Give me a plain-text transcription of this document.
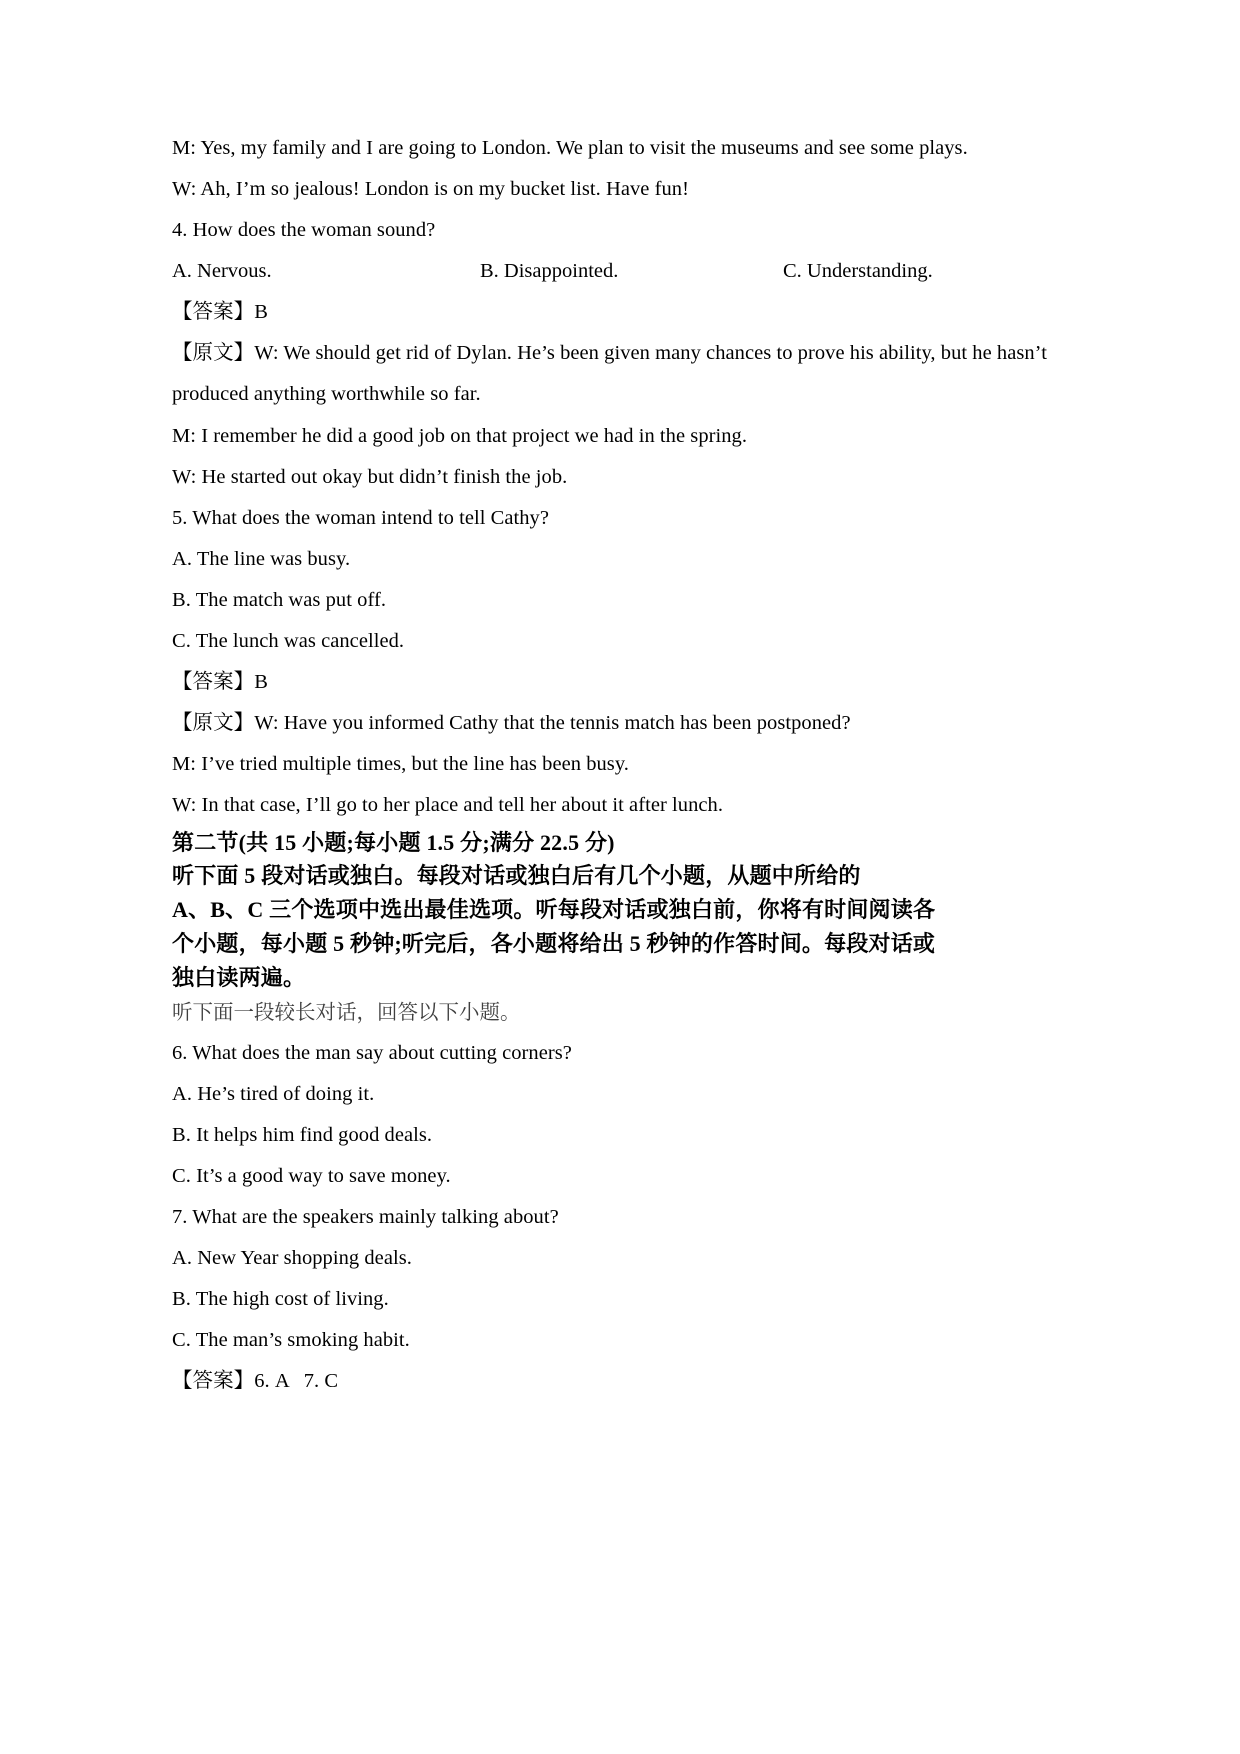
M: Yes, my family and I are going to London. We plan to visit the museums and see some plays.

W: Ah, I’m so jealous! London is on my bucket list. Have fun!

4. How does the woman sound?

A. Nervous.	B. Disappointed.	C. Understanding.

【答案】B

【原文】W: We should get rid of Dylan. He’s been given many chances to prove his ability, but he hasn’t produced anything worthwhile so far.

M: I remember he did a good job on that project we had in the spring.

W: He started out okay but didn’t finish the job.

5. What does the woman intend to tell Cathy?

A. The line was busy.

B. The match was put off.

C. The lunch was cancelled.

【答案】B

【原文】W: Have you informed Cathy that the tennis match has been postponed?

M: I’ve tried multiple times, but the line has been busy.

W: In that case, I’ll go to her place and tell her about it after lunch.

第二节(共 15 小题;每小题 1.5 分;满分 22.5 分)

听下面 5 段对话或独白。每段对话或独白后有几个小题，从题中所给的

A、B、C 三个选项中选出最佳选项。听每段对话或独白前，你将有时间阅读各

个小题，每小题 5 秒钟;听完后，各小题将给出 5 秒钟的作答时间。每段对话或

独白读两遍。

听下面一段较长对话，回答以下小题。

6. What does the man say about cutting corners?

A. He’s tired of doing it.

B. It helps him find good deals.

C. It’s a good way to save money.

7. What are the speakers mainly talking about?

A. New Year shopping deals.

B. The high cost of living.

C. The man’s smoking habit.

【答案】6. A 7. C
